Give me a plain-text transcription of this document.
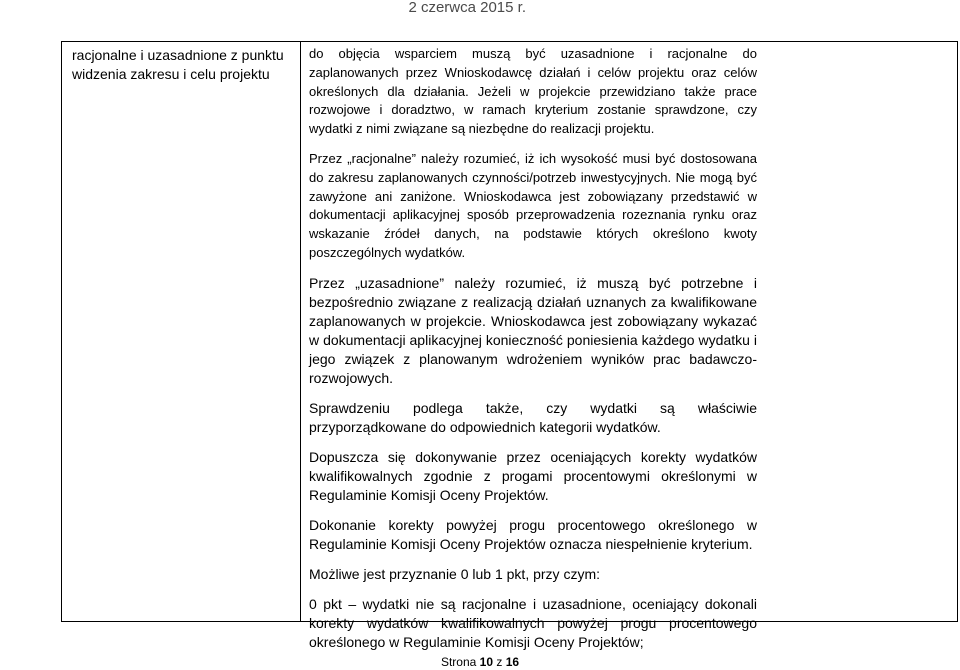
2 czerwca 2015 r.
racjonalne i uzasadnione z punktu widzenia zakresu i celu projektu

do objęcia wsparciem muszą być uzasadnione i racjonalne do zaplanowanych przez Wnioskodawcę działań i celów projektu oraz celów określonych dla działania. Jeżeli w projekcie przewidziano także prace rozwojowe i doradztwo, w ramach kryterium zostanie sprawdzone, czy wydatki z nimi związane są niezbędne do realizacji projektu.

Przez „racjonalne” należy rozumieć, iż ich wysokość musi być dostosowana do zakresu zaplanowanych czynności/potrzeb inwestycyjnych. Nie mogą być zawyżone ani zaniżone. Wnioskodawca jest zobowiązany przedstawić w dokumentacji aplikacyjnej sposób przeprowadzenia rozeznania rynku oraz wskazanie źródeł danych, na podstawie których określono kwoty poszczególnych wydatków.

Przez „uzasadnione” należy rozumieć, iż muszą być potrzebne i bezpośrednio związane z realizacją działań uznanych za kwalifikowane zaplanowanych w projekcie. Wnioskodawca jest zobowiązany wykazać w dokumentacji aplikacyjnej konieczność poniesienia każdego wydatku i jego związek z planowanym wdrożeniem wyników prac badawczo-rozwojowych.

Sprawdzeniu podlega także, czy wydatki są właściwie przyporządkowane do odpowiednich kategorii wydatków.

Dopuszcza się dokonywanie przez oceniających korekty wydatków kwalifikowalnych zgodnie z progami procentowymi określonymi w Regulaminie Komisji Oceny Projektów.

Dokonanie korekty powyżej progu procentowego określonego w Regulaminie Komisji Oceny Projektów oznacza niespełnienie kryterium.

Możliwe jest przyznanie 0 lub 1 pkt, przy czym:

0 pkt – wydatki nie są racjonalne i uzasadnione, oceniający dokonali korekty wydatków kwalifikowalnych powyżej progu procentowego określonego w Regulaminie Komisji Oceny Projektów;

Strona 10 z 16
